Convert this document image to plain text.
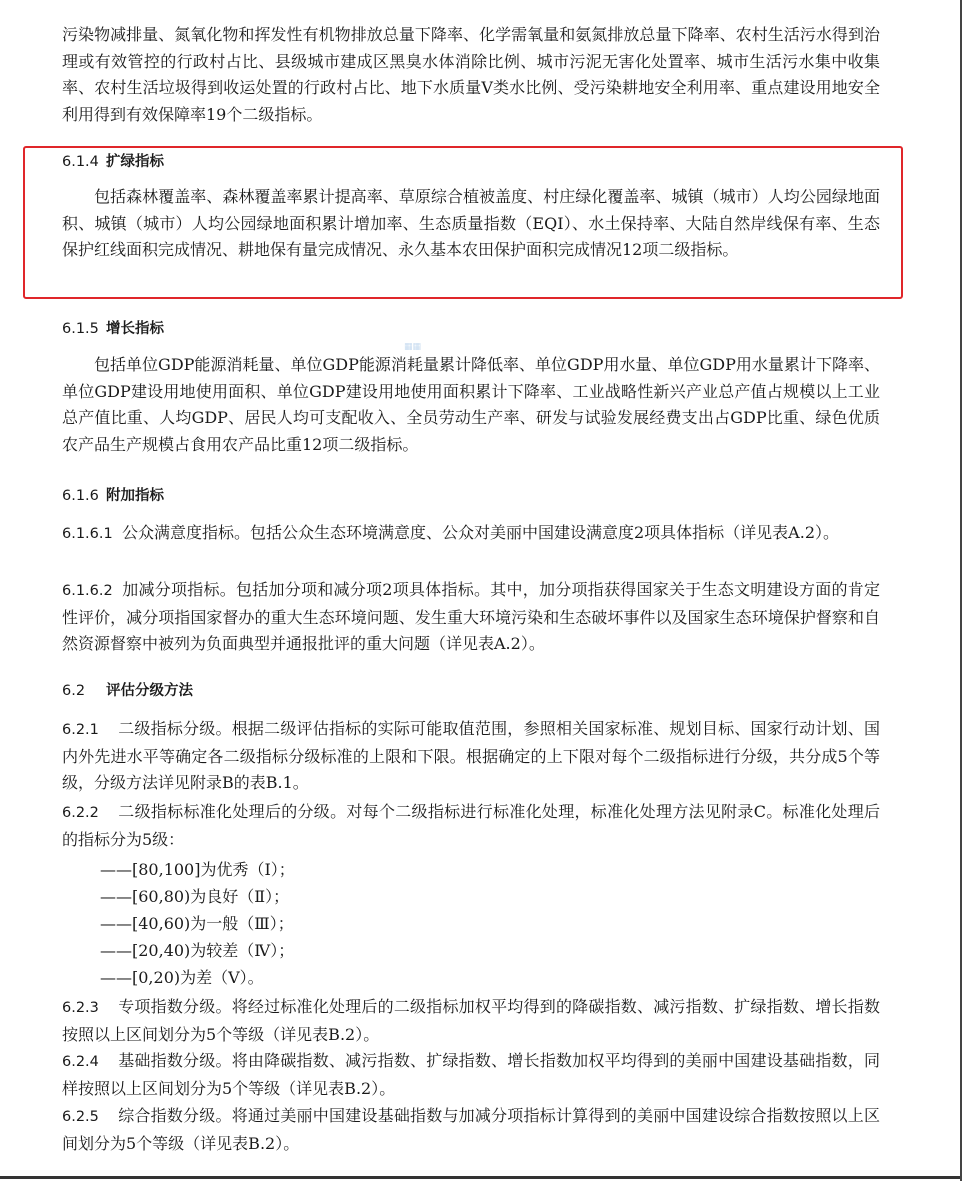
污染物减排量、氮氧化物和挥发性有机物排放总量下降率、化学需氧量和氨氮排放总量下降率、农村生活污水得到治理或有效管控的行政村占比、县级城市建成区黑臭水体消除比例、城市污泥无害化处置率、城市生活污水集中收集率、农村生活垃圾得到收运处置的行政村占比、地下水质量Ⅴ类水比例、受污染耕地安全利用率、重点建设用地安全利用得到有效保障率19个二级指标。
6.1.4 扩绿指标
包括森林覆盖率、森林覆盖率累计提高率、草原综合植被盖度、村庄绿化覆盖率、城镇（城市）人均公园绿地面积、城镇（城市）人均公园绿地面积累计增加率、生态质量指数（EQI）、水土保持率、大陆自然岸线保有率、生态保护红线面积完成情况、耕地保有量完成情况、永久基本农田保护面积完成情况12项二级指标。
6.1.5 增长指标
▦▦
包括单位GDP能源消耗量、单位GDP能源消耗量累计降低率、单位GDP用水量、单位GDP用水量累计下降率、单位GDP建设用地使用面积、单位GDP建设用地使用面积累计下降率、工业战略性新兴产业总产值占规模以上工业总产值比重、人均GDP、居民人均可支配收入、全员劳动生产率、研发与试验发展经费支出占GDP比重、绿色优质农产品生产规模占食用农产品比重12项二级指标。
6.1.6 附加指标
6.1.6.1 公众满意度指标。包括公众生态环境满意度、公众对美丽中国建设满意度2项具体指标（详见表A.2）。
6.1.6.2 加减分项指标。包括加分项和减分项2项具体指标。其中，加分项指获得国家关于生态文明建设方面的肯定性评价，减分项指国家督办的重大生态环境问题、发生重大环境污染和生态破坏事件以及国家生态环境保护督察和自然资源督察中被列为负面典型并通报批评的重大问题（详见表A.2）。
6.2 评估分级方法
6.2.1 二级指标分级。根据二级评估指标的实际可能取值范围，参照相关国家标准、规划目标、国家行动计划、国内外先进水平等确定各二级指标分级标准的上限和下限。根据确定的上下限对每个二级指标进行分级，共分成5个等级，分级方法详见附录B的表B.1。
6.2.2 二级指标标准化处理后的分级。对每个二级指标进行标准化处理，标准化处理方法见附录C。标准化处理后的指标分为5级：
——[80,100]为优秀（Ⅰ）；
——[60,80)为良好（Ⅱ）；
——[40,60)为一般（Ⅲ）；
——[20,40)为较差（Ⅳ）；
——[0,20)为差（Ⅴ）。
6.2.3 专项指数分级。将经过标准化处理后的二级指标加权平均得到的降碳指数、减污指数、扩绿指数、增长指数按照以上区间划分为5个等级（详见表B.2）。
6.2.4 基础指数分级。将由降碳指数、减污指数、扩绿指数、增长指数加权平均得到的美丽中国建设基础指数，同样按照以上区间划分为5个等级（详见表B.2）。
6.2.5 综合指数分级。将通过美丽中国建设基础指数与加减分项指标计算得到的美丽中国建设综合指数按照以上区间划分为5个等级（详见表B.2）。
